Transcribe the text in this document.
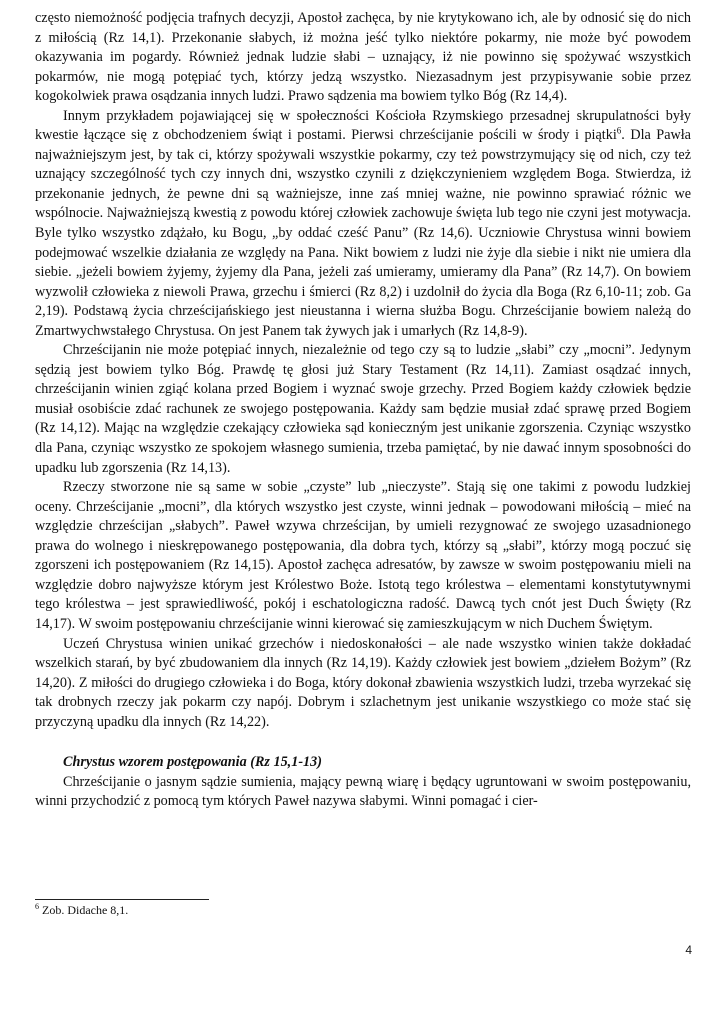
często niemożność podjęcia trafnych decyzji, Apostoł zachęca, by nie krytykowano ich, ale by odnosić się do nich z miłością (Rz 14,1). Przekonanie słabych, iż można jeść tylko niektóre pokarmy, nie może być powodem okazywania im pogardy. Również jednak ludzie słabi – uznający, iż nie powinno się spożywać wszystkich pokarmów, nie mogą potępiać tych, którzy jedzą wszystko. Niezasadnym jest przypisywanie sobie przez kogokolwiek prawa osądzania innych ludzi. Prawo sądzenia ma bowiem tylko Bóg (Rz 14,4).

Innym przykładem pojawiającej się w społeczności Kościoła Rzymskiego przesadnej skrupulatności były kwestie łączące się z obchodzeniem świąt i postami. Pierwsi chrześcijanie pościli w środy i piątki$^6$. Dla Pawła najważniejszym jest, by tak ci, którzy spożywali wszystkie pokarmy, czy też powstrzymujący się od nich, czy też uznający szczególność tych czy innych dni, wszystko czynili z dziękczynieniem względem Boga. Stwierdza, iż przekonanie jednych, że pewne dni są ważniejsze, inne zaś mniej ważne, nie powinno sprawiać różnic we wspólnocie. Najważniejszą kwestią z powodu której człowiek zachowuje święta lub tego nie czyni jest motywacja. Byle tylko wszystko zdążało, ku Bogu, „by oddać cześć Panu” (Rz 14,6). Uczniowie Chrystusa winni bowiem podejmować wszelkie działania ze względy na Pana. Nikt bowiem z ludzi nie żyje dla siebie i nikt nie umiera dla siebie. „jeżeli bowiem żyjemy, żyjemy dla Pana, jeżeli zaś umieramy, umieramy dla Pana” (Rz 14,7). On bowiem wyzwolił człowieka z niewoli Prawa, grzechu i śmierci (Rz 8,2) i uzdolnił do życia dla Boga (Rz 6,10-11; zob. Ga 2,19). Podstawą życia chrześcijańskiego jest nieustanna i wierna służba Bogu. Chrześcijanie bowiem należą do Zmartwychwstałego Chrystusa. On jest Panem tak żywych jak i umarłych (Rz 14,8-9).

Chrześcijanin nie może potępiać innych, niezależnie od tego czy są to ludzie „słabi” czy „mocni”. Jedynym sędzią jest bowiem tylko Bóg. Prawdę tę głosi już Stary Testament (Rz 14,11). Zamiast osądzać innych, chrześcijanin winien zgiąć kolana przed Bogiem i wyznać swoje grzechy. Przed Bogiem każdy człowiek będzie musiał osobiście zdać rachunek ze swojego postępowania. Każdy sam będzie musiał zdać sprawę przed Bogiem (Rz 14,12). Mając na względzie czekający człowieka sąd konieczným jest unikanie zgorszenia. Czyniąc wszystko dla Pana, czyniąc wszystko ze spokojem własnego sumienia, trzeba pamiętać, by nie dawać innym sposobności do upadku lub zgorszenia (Rz 14,13).

Rzeczy stworzone nie są same w sobie „czyste” lub „nieczyste”. Stają się one takimi z powodu ludzkiej oceny. Chrześcijanie „mocni”, dla których wszystko jest czyste, winni jednak – powodowani miłością – mieć na względzie chrześcijan „słabych”. Paweł wzywa chrześcijan, by umieli rezygnować ze swojego uzasadnionego prawa do wolnego i nieskrępowanego postępowania, dla dobra tych, którzy są „słabi”, którzy mogą poczuć się zgorszeni ich postępowaniem (Rz 14,15). Apostoł zachęca adresatów, by zawsze w swoim postępowaniu mieli na względzie dobro najwyższe którym jest Królestwo Boże. Istotą tego królestwa – elementami konstytutywnymi tego królestwa – jest sprawiedliwość, pokój i eschatologiczna radość. Dawcą tych cnót jest Duch Święty (Rz 14,17). W swoim postępowaniu chrześcijanie winni kierować się zamieszkującym w nich Duchem Świętym.

Uczeń Chrystusa winien unikać grzechów i niedoskonałości – ale nade wszystko winien także dokładać wszelkich starań, by być zbudowaniem dla innych (Rz 14,19). Każdy człowiek jest bowiem „dziełem Bożym” (Rz 14,20). Z miłości do drugiego człowieka i do Boga, który dokonał zbawienia wszystkich ludzi, trzeba wyrzekać się tak drobnych rzeczy jak pokarm czy napój. Dobrym i szlachetnym jest unikanie wszystkiego co może stać się przyczyną upadku dla innych (Rz 14,22).

Chrystus wzorem postępowania (Rz 15,1-13)

Chrześcijanie o jasnym sądzie sumienia, mający pewną wiarę i będący ugruntowani w swoim postępowaniu, winni przychodzić z pomocą tym których Paweł nazywa słabymi. Winni pomagać i cier-

$^6$ Zob. Didache 8,1.
4
